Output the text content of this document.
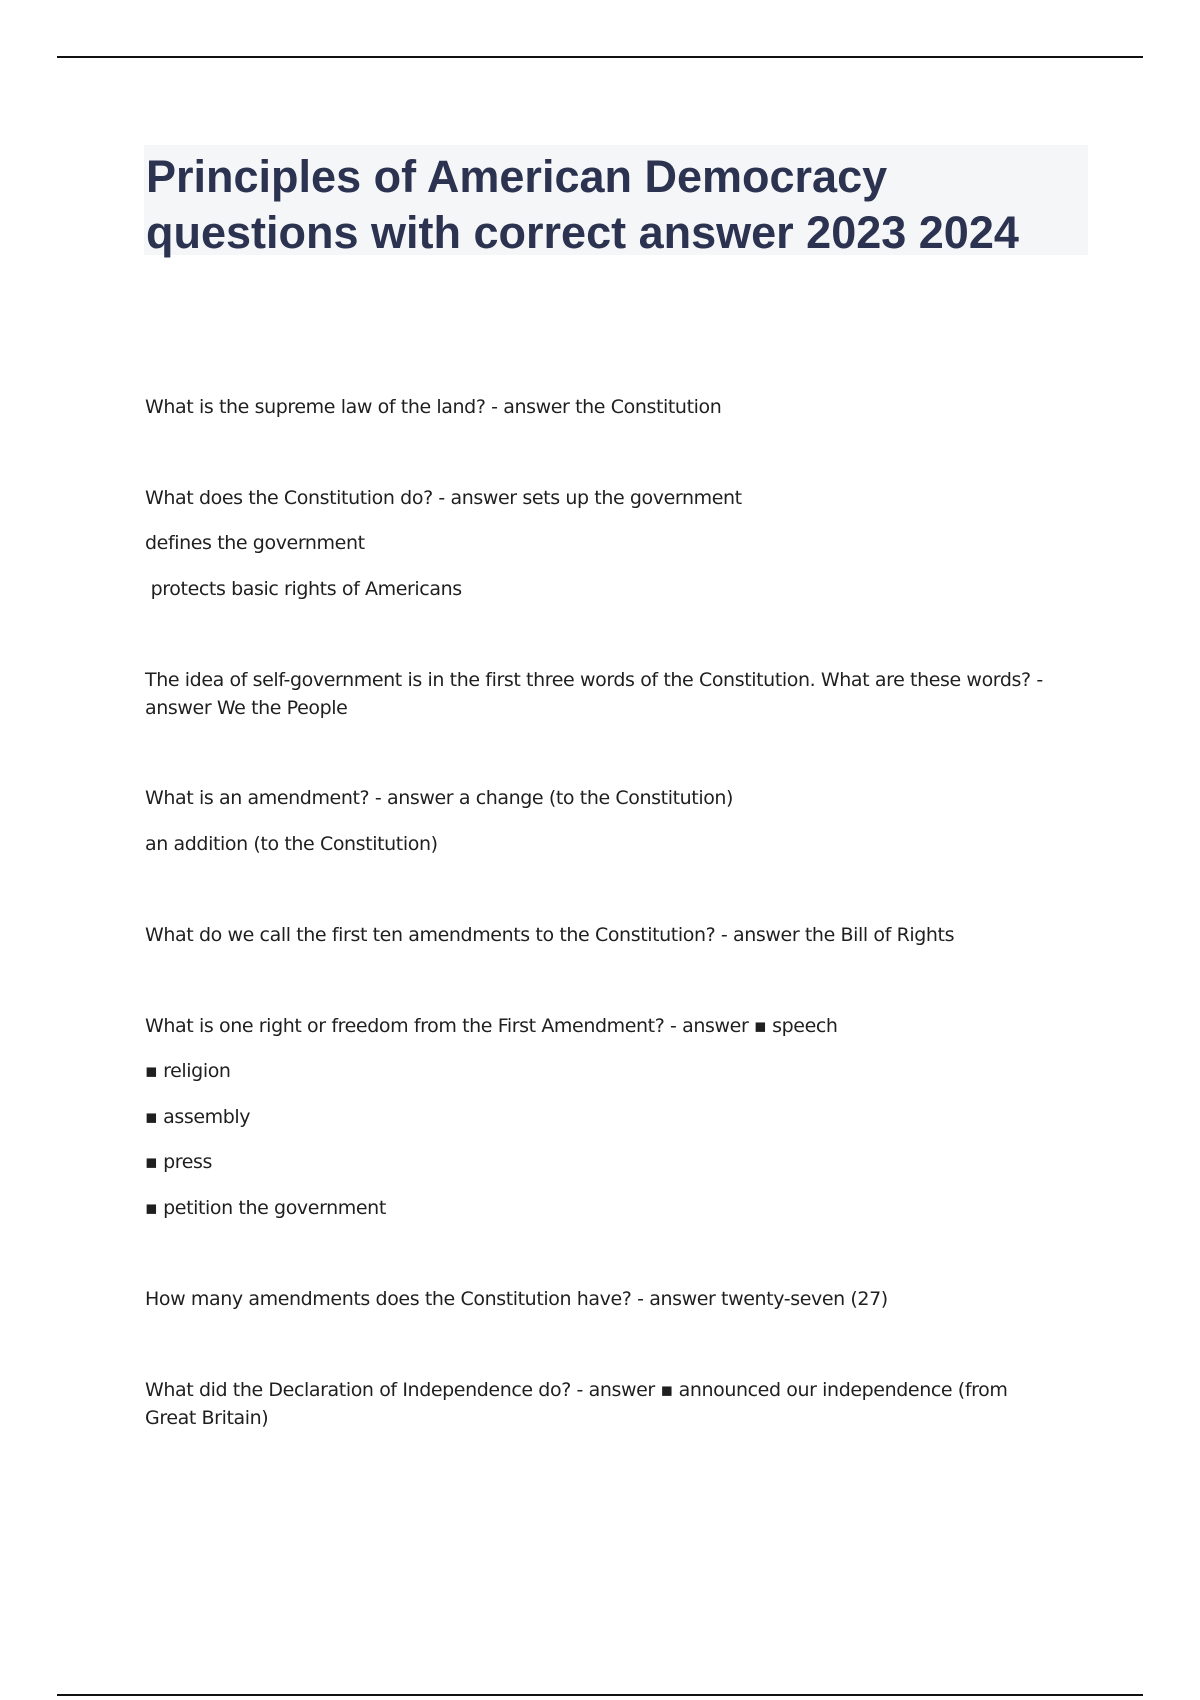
Principles of American Democracy
questions with correct answer 2023 2024
What is the supreme law of the land? - answer the Constitution
What does the Constitution do? - answer sets up the government
defines the government
protects basic rights of Americans
The idea of self-government is in the first three words of the Constitution. What are these words? - answer We the People
What is an amendment? - answer a change (to the Constitution)
an addition (to the Constitution)
What do we call the first ten amendments to the Constitution? - answer the Bill of Rights
What is one right or freedom from the First Amendment? - answer ▪ speech
▪ religion
▪ assembly
▪ press
▪ petition the government
How many amendments does the Constitution have? - answer twenty-seven (27)
What did the Declaration of Independence do? - answer ▪ announced our independence (from Great Britain)
